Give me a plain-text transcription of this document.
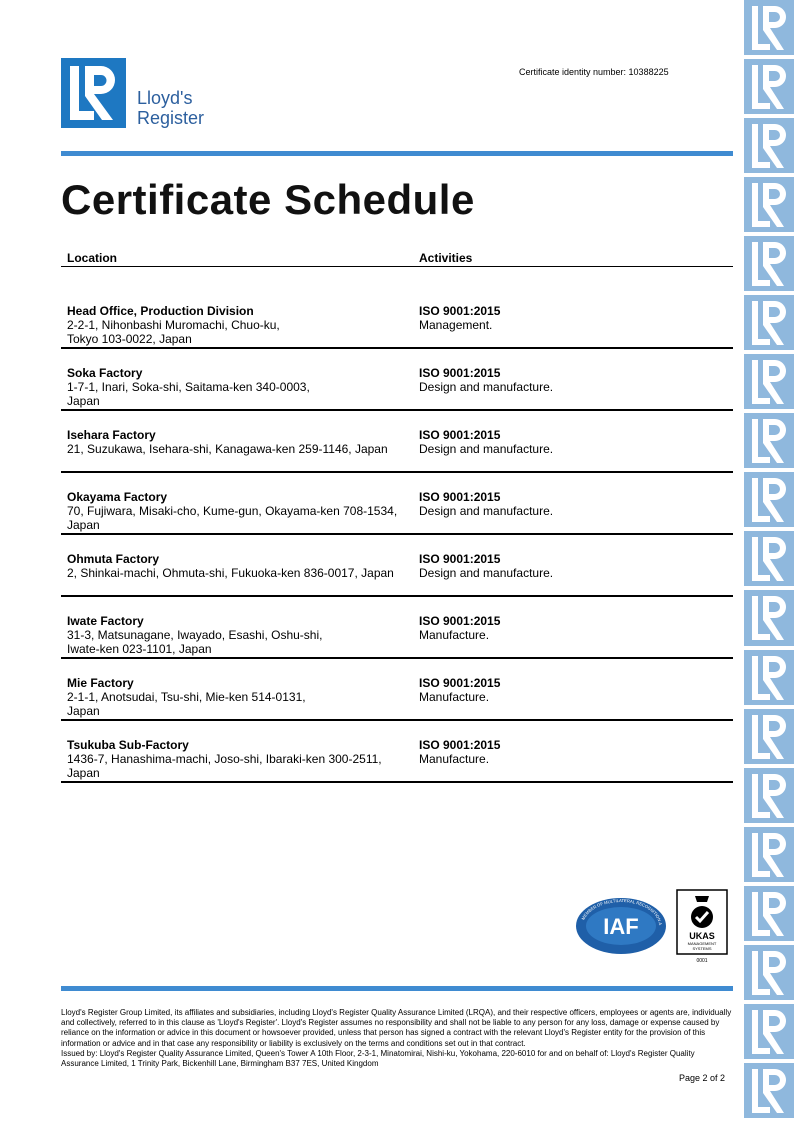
Lloyd's
Register
Certificate identity number: 10388225
Certificate Schedule
Location	Activities
Head Office, Production Division
2-2-1, Nihonbashi Muromachi, Chuo-ku,
Tokyo 103-0022, Japan
ISO 9001:2015
Management.
Soka Factory
1-7-1, Inari, Soka-shi, Saitama-ken 340-0003,
Japan
ISO 9001:2015
Design and manufacture.
Isehara Factory
21, Suzukawa, Isehara-shi, Kanagawa-ken 259-1146, Japan
ISO 9001:2015
Design and manufacture.
Okayama Factory
70, Fujiwara, Misaki-cho, Kume-gun, Okayama-ken 708-1534,
Japan
ISO 9001:2015
Design and manufacture.
Ohmuta Factory
2, Shinkai-machi, Ohmuta-shi, Fukuoka-ken 836-0017, Japan
ISO 9001:2015
Design and manufacture.
Iwate Factory
31-3, Matsunagane, Iwayado, Esashi, Oshu-shi,
Iwate-ken 023-1101, Japan
ISO 9001:2015
Manufacture.
Mie Factory
2-1-1, Anotsudai, Tsu-shi, Mie-ken 514-0131,
Japan
ISO 9001:2015
Manufacture.
Tsukuba Sub-Factory
1436-7, Hanashima-machi, Joso-shi, Ibaraki-ken 300-2511,
Japan
ISO 9001:2015
Manufacture.
IAF
MEMBER OF MULTILATERAL RECOGNITION A
UKAS
MANAGEMENT
SYSTEMS
0001
Lloyd's Register Group Limited, its affiliates and subsidiaries, including Lloyd's Register Quality Assurance Limited (LRQA), and their respective officers, employees or agents are, individually and collectively, referred to in this clause as 'Lloyd's Register'. Lloyd's Register assumes no responsibility and shall not be liable to any person for any loss, damage or expense caused by reliance on the information or advice in this document or howsoever provided, unless that person has signed a contract with the relevant Lloyd's Register entity for the provision of this information or advice and in that case any responsibility or liability is exclusively on the terms and conditions set out in that contract.
Issued by: Lloyd's Register Quality Assurance Limited, Queen's Tower A 10th Floor, 2-3-1, Minatomirai, Nishi-ku, Yokohama, 220-6010 for and on behalf of: Lloyd's Register Quality Assurance Limited, 1 Trinity Park, Bickenhill Lane, Birmingham B37 7ES, United Kingdom
Page 2 of 2
